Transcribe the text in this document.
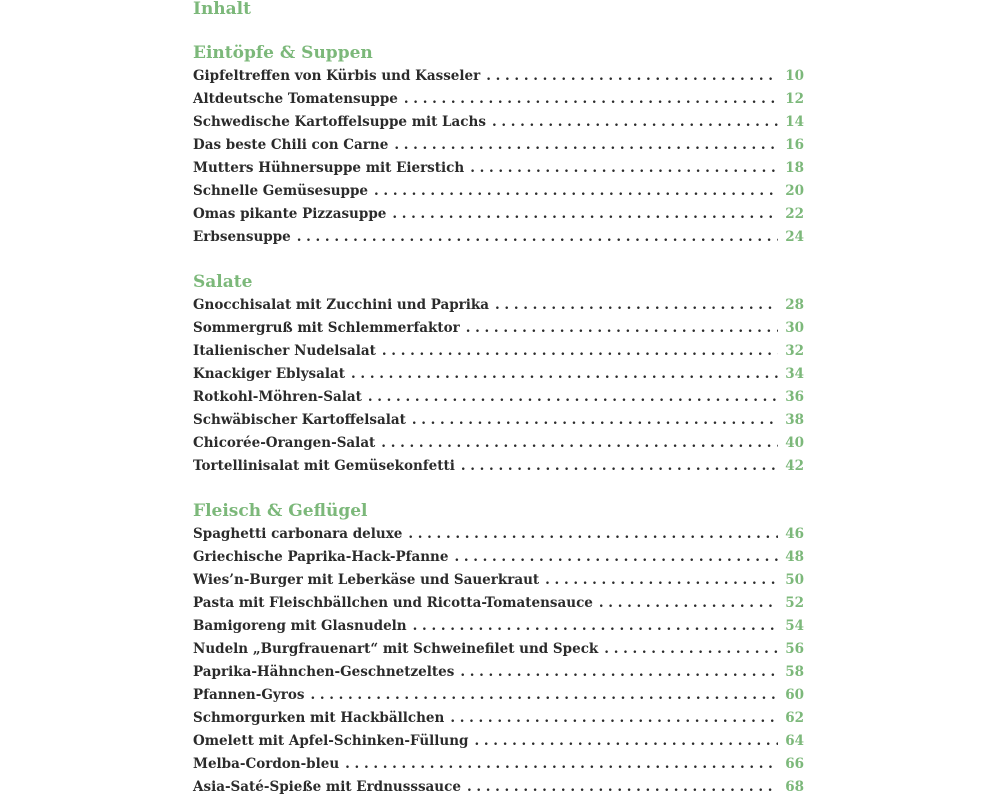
Inhalt
Eintöpfe & Suppen
Gipfeltreffen von Kürbis und Kasseler . . .	10
Altdeutsche Tomatensuppe . . .	12
Schwedische Kartoffelsuppe mit Lachs . . .	14
Das beste Chili con Carne . . .	16
Mutters Hühnersuppe mit Eierstich . . .	18
Schnelle Gemüsesuppe . . .	20
Omas pikante Pizzasuppe . . .	22
Erbsensuppe . . .	24
Salate
Gnocchisalat mit Zucchini und Paprika . . .	28
Sommergruß mit Schlemmerfaktor . . .	30
Italienischer Nudelsalat . . .	32
Knackiger Eblysalat . . .	34
Rotkohl-Möhren-Salat . . .	36
Schwäbischer Kartoffelsalat . . .	38
Chicorée-Orangen-Salat . . .	40
Tortellinisalat mit Gemüsekonfetti . . .	42
Fleisch & Geflügel
Spaghetti carbonara deluxe . . .	46
Griechische Paprika-Hack-Pfanne . . .	48
Wies’n-Burger mit Leberkäse und Sauerkraut . . .	50
Pasta mit Fleischbällchen und Ricotta-Tomatensauce . . .	52
Bamigoreng mit Glasnudeln . . .	54
Nudeln „Burgfrauenart“ mit Schweinefilet und Speck . . .	56
Paprika-Hähnchen-Geschnetzeltes . . .	58
Pfannen-Gyros . . .	60
Schmorgurken mit Hackbällchen . . .	62
Omelett mit Apfel-Schinken-Füllung . . .	64
Melba-Cordon-bleu . . .	66
Asia-Saté-Spieße mit Erdnusssauce . . .	68
